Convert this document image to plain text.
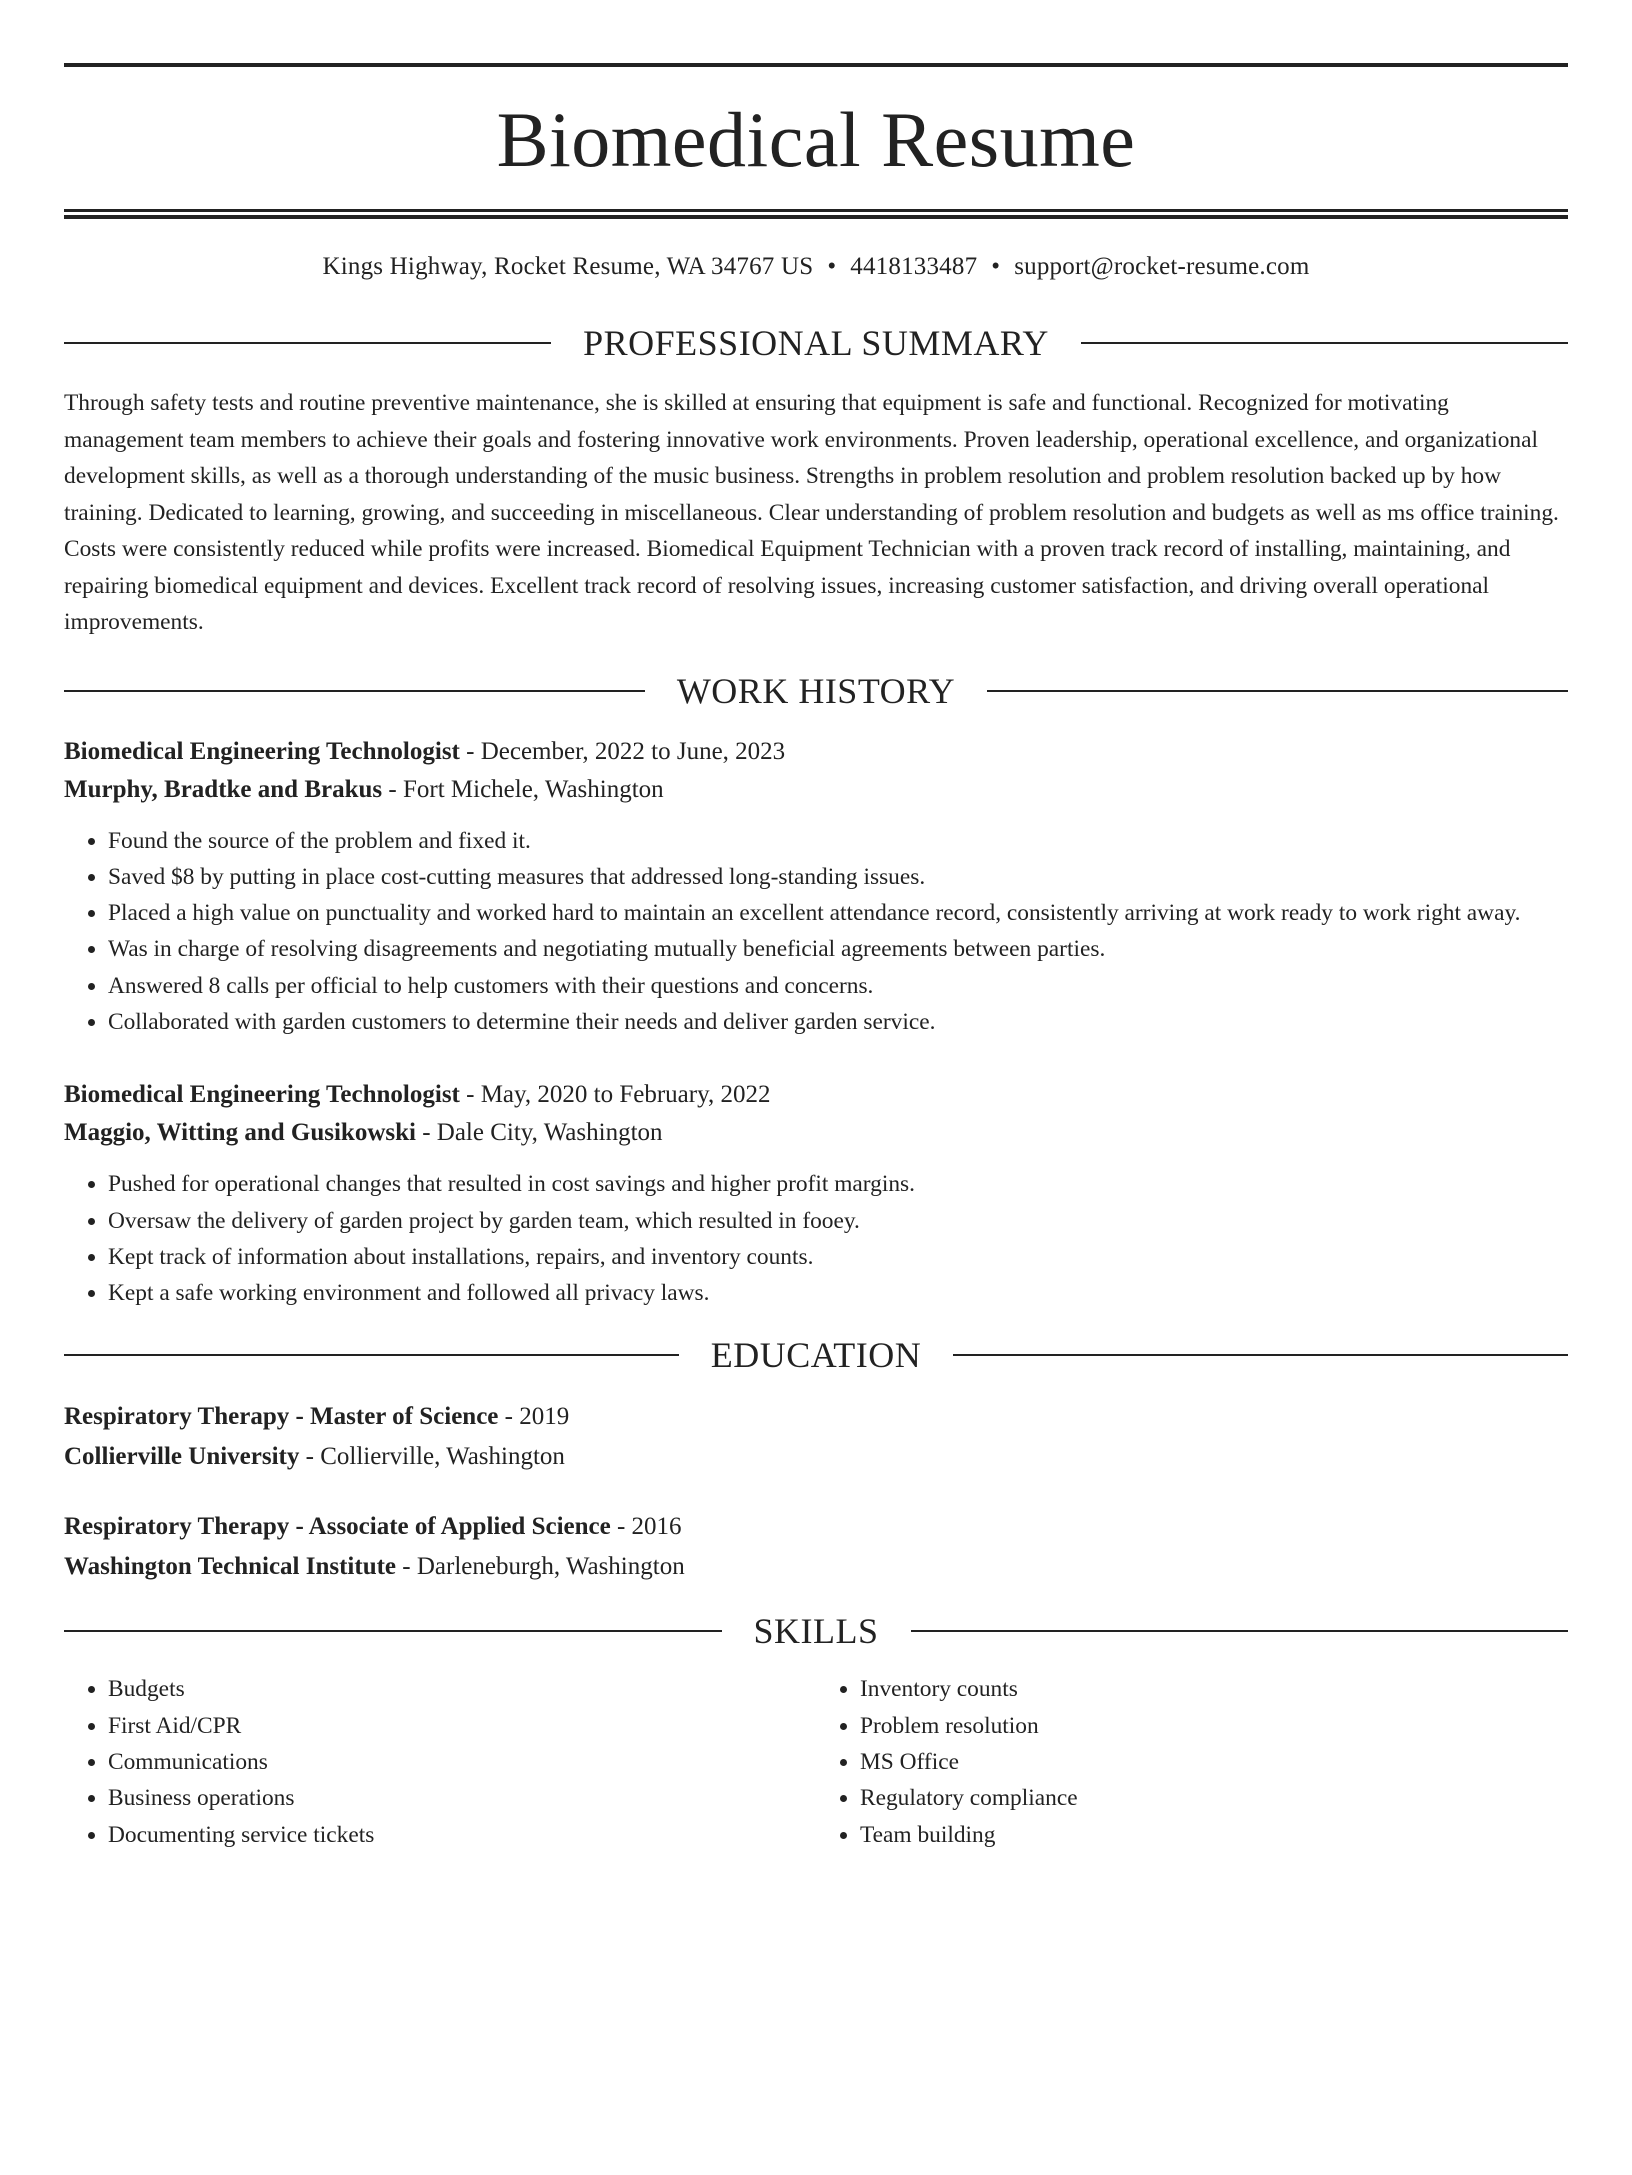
Biomedical Resume
Kings Highway, Rocket Resume, WA 34767 US • 4418133487 • support@rocket-resume.com
PROFESSIONAL SUMMARY
Through safety tests and routine preventive maintenance, she is skilled at ensuring that equipment is safe and functional. Recognized for motivating management team members to achieve their goals and fostering innovative work environments. Proven leadership, operational excellence, and organizational development skills, as well as a thorough understanding of the music business. Strengths in problem resolution and problem resolution backed up by how training. Dedicated to learning, growing, and succeeding in miscellaneous. Clear understanding of problem resolution and budgets as well as ms office training. Costs were consistently reduced while profits were increased. Biomedical Equipment Technician with a proven track record of installing, maintaining, and repairing biomedical equipment and devices. Excellent track record of resolving issues, increasing customer satisfaction, and driving overall operational improvements.
WORK HISTORY
Biomedical Engineering Technologist - December, 2022 to June, 2023
Murphy, Bradtke and Brakus - Fort Michele, Washington
• Found the source of the problem and fixed it.
• Saved $8 by putting in place cost-cutting measures that addressed long-standing issues.
• Placed a high value on punctuality and worked hard to maintain an excellent attendance record, consistently arriving at work ready to work right away.
• Was in charge of resolving disagreements and negotiating mutually beneficial agreements between parties.
• Answered 8 calls per official to help customers with their questions and concerns.
• Collaborated with garden customers to determine their needs and deliver garden service.
Biomedical Engineering Technologist - May, 2020 to February, 2022
Maggio, Witting and Gusikowski - Dale City, Washington
• Pushed for operational changes that resulted in cost savings and higher profit margins.
• Oversaw the delivery of garden project by garden team, which resulted in fooey.
• Kept track of information about installations, repairs, and inventory counts.
• Kept a safe working environment and followed all privacy laws.
EDUCATION
Respiratory Therapy - Master of Science - 2019
Collierville University - Collierville, Washington
Respiratory Therapy - Associate of Applied Science - 2016
Washington Technical Institute - Darleneburgh, Washington
SKILLS
• Budgets
• First Aid/CPR
• Communications
• Business operations
• Documenting service tickets
• Inventory counts
• Problem resolution
• MS Office
• Regulatory compliance
• Team building
